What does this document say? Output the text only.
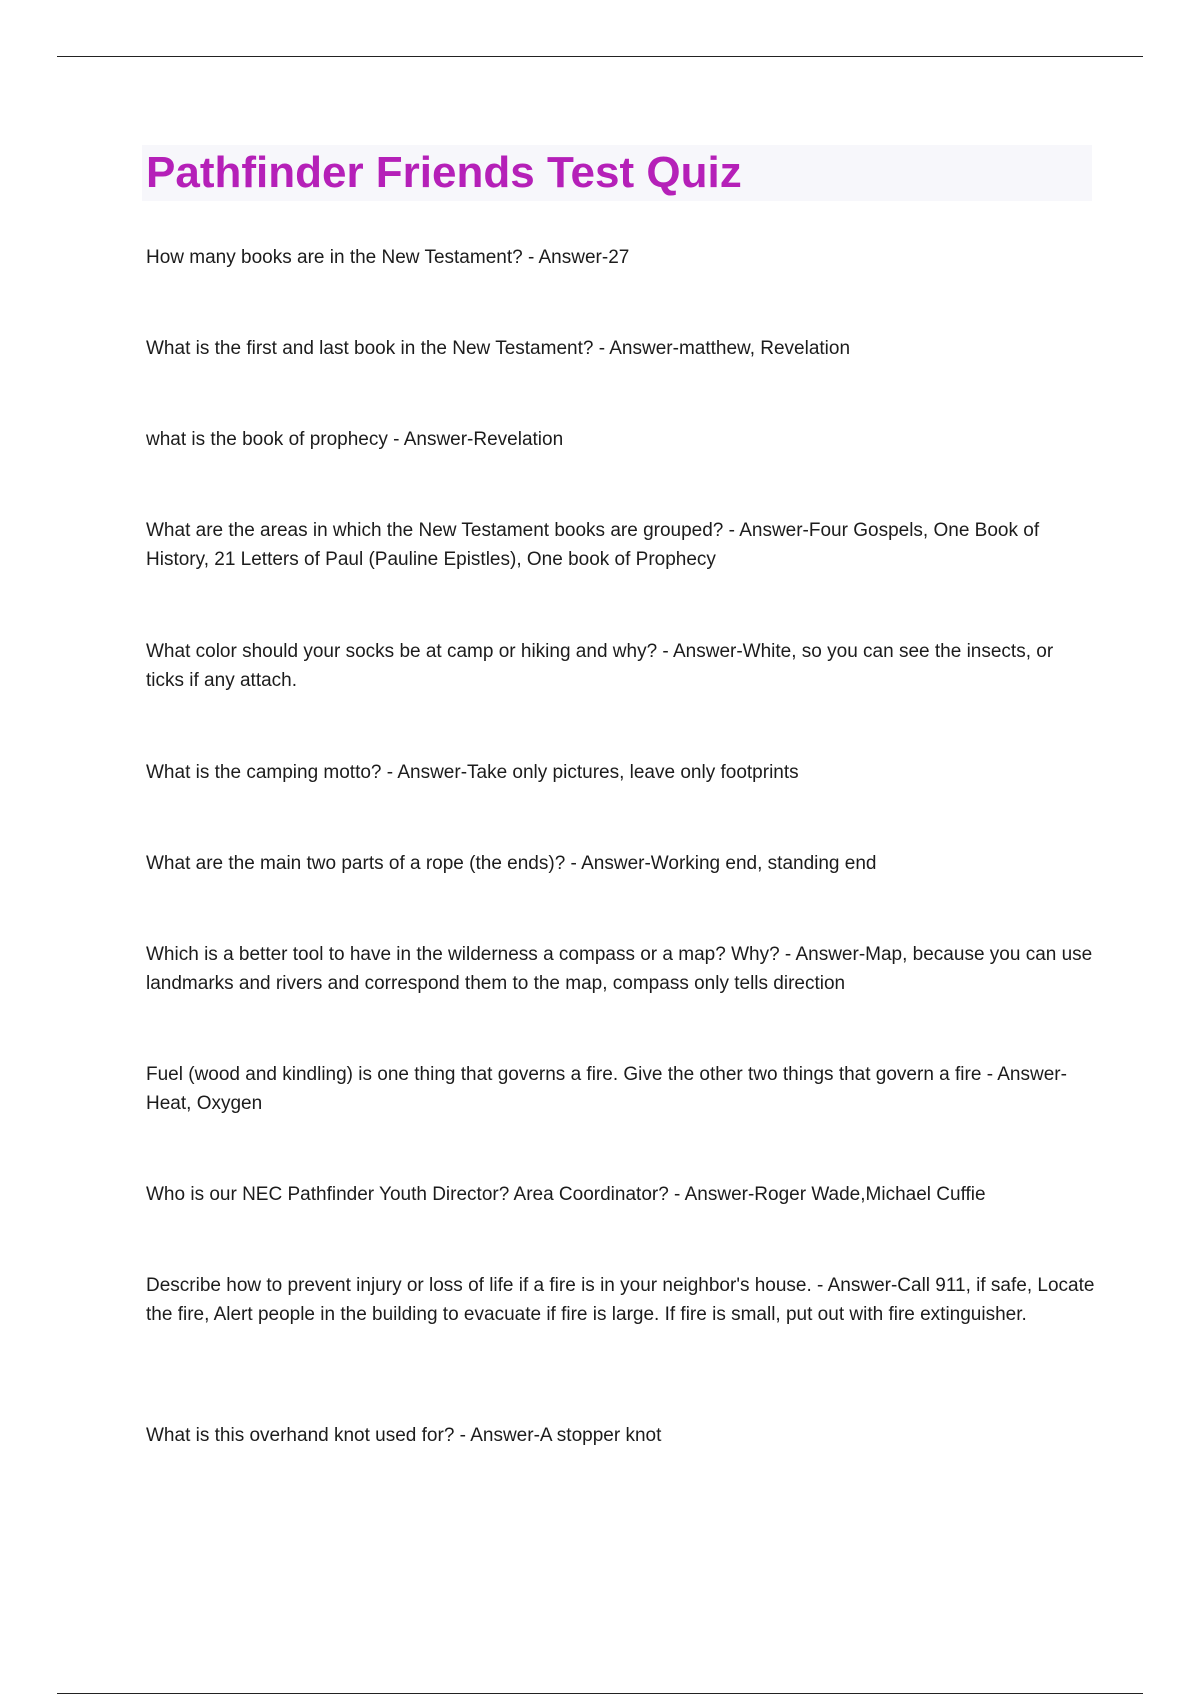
Pathfinder Friends Test Quiz

How many books are in the New Testament? - Answer-27

What is the first and last book in the New Testament? - Answer-matthew, Revelation

what is the book of prophecy - Answer-Revelation

What are the areas in which the New Testament books are grouped? - Answer-Four Gospels, One Book of History, 21 Letters of Paul (Pauline Epistles), One book of Prophecy

What color should your socks be at camp or hiking and why? - Answer-White, so you can see the insects, or ticks if any attach.

What is the camping motto? - Answer-Take only pictures, leave only footprints

What are the main two parts of a rope (the ends)? - Answer-Working end, standing end

Which is a better tool to have in the wilderness a compass or a map? Why? - Answer-Map, because you can use landmarks and rivers and correspond them to the map, compass only tells direction

Fuel (wood and kindling) is one thing that governs a fire. Give the other two things that govern a fire - Answer-Heat, Oxygen

Who is our NEC Pathfinder Youth Director? Area Coordinator? - Answer-Roger Wade,Michael Cuffie

Describe how to prevent injury or loss of life if a fire is in your neighbor's house. - Answer-Call 911, if safe, Locate the fire, Alert people in the building to evacuate if fire is large. If fire is small, put out with fire extinguisher.

What is this overhand knot used for? - Answer-A stopper knot
